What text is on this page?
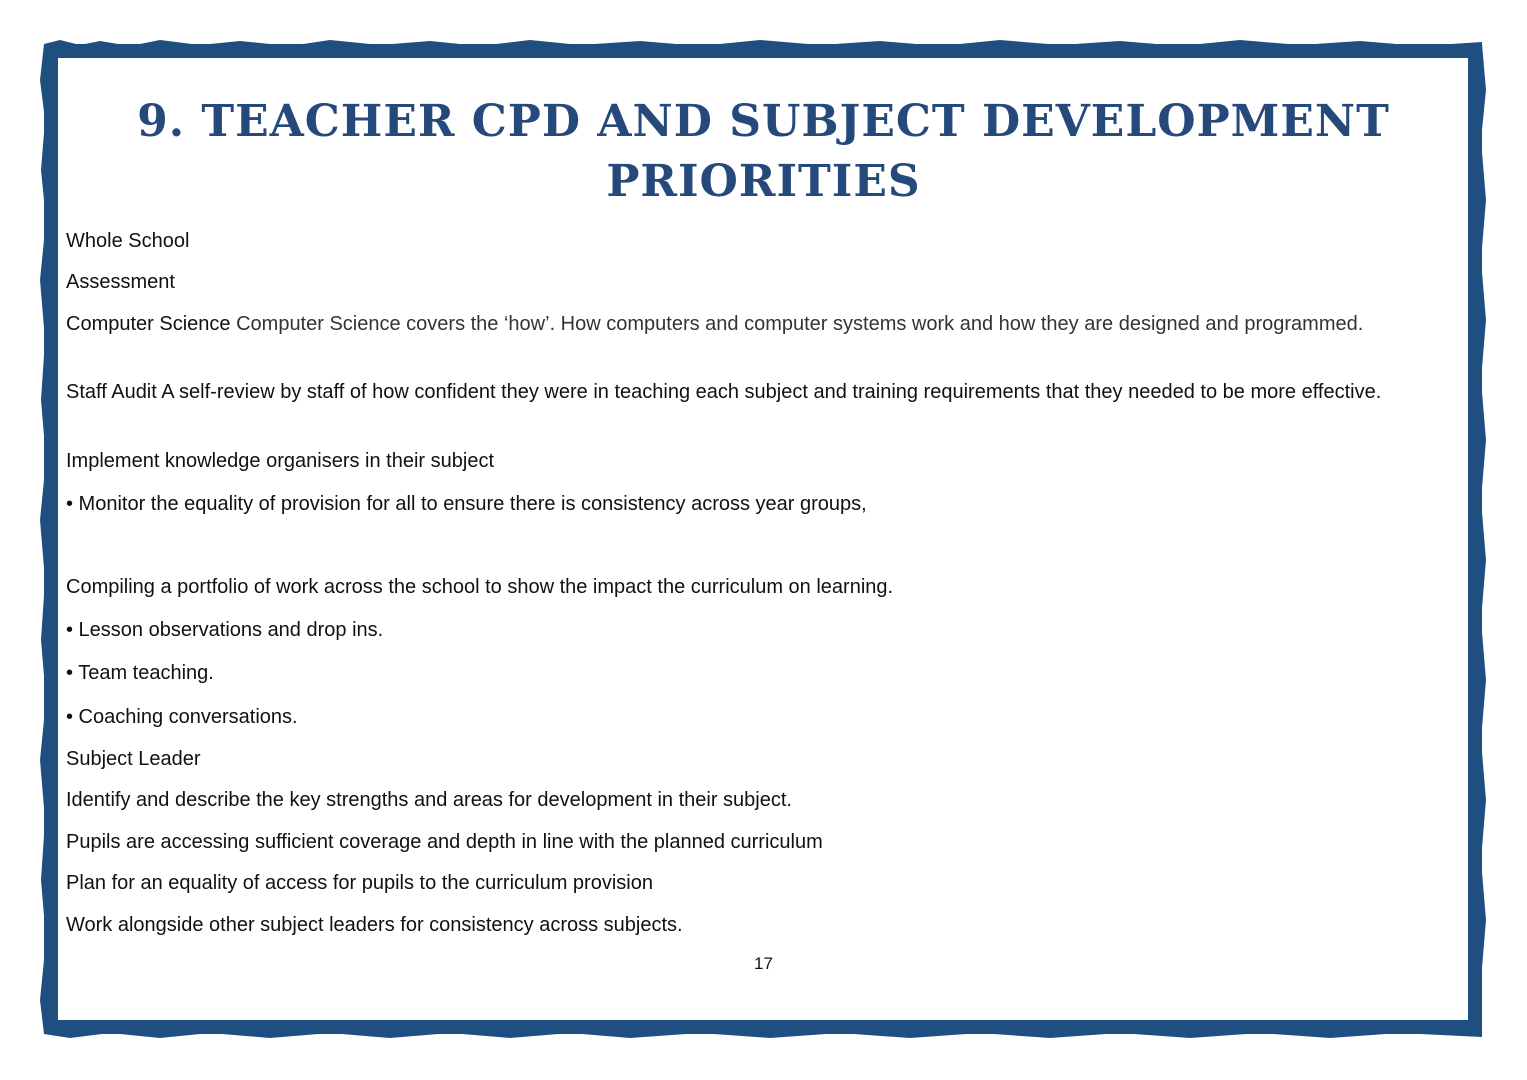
9. TEACHER CPD AND SUBJECT DEVELOPMENT PRIORITIES

Whole School

Assessment

Computer Science Computer Science covers the ‘how’. How computers and computer systems work and how they are designed and programmed.

Staff Audit A self-review by staff of how confident they were in teaching each subject and training requirements that they needed to be more effective.

Implement knowledge organisers in their subject

• Monitor the equality of provision for all to ensure there is consistency across year groups,

Compiling a portfolio of work across the school to show the impact the curriculum on learning.

• Lesson observations and drop ins.

• Team teaching.

• Coaching conversations.

Subject Leader

Identify and describe the key strengths and areas for development in their subject.

Pupils are accessing sufficient coverage and depth in line with the planned curriculum

Plan for an equality of access for pupils to the curriculum provision

Work alongside other subject leaders for consistency across subjects.

17
